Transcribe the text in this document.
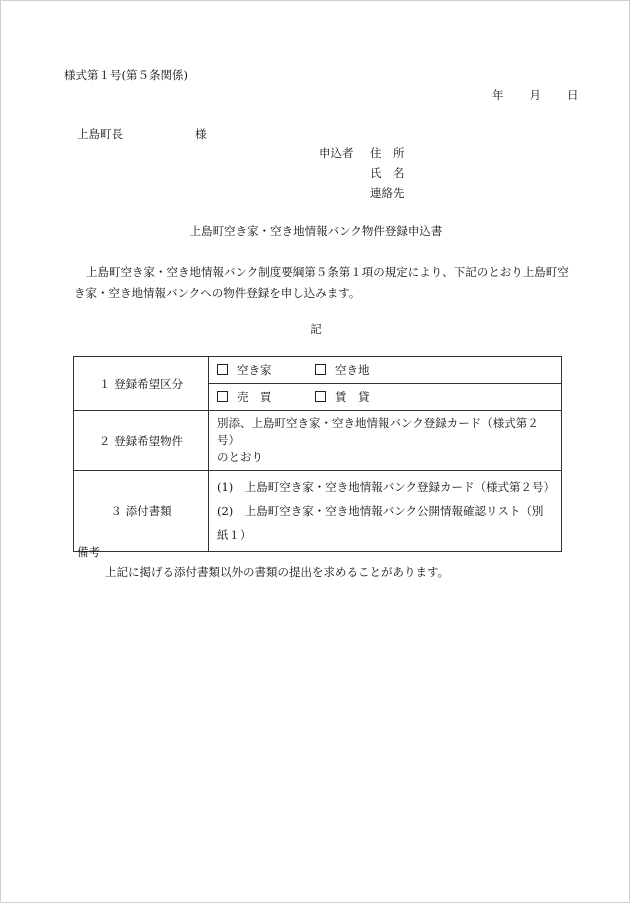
様式第１号(第５条関係)
年 月 日
上島町長	様
申込者 住　所
氏　名
連絡先
上島町空き家・空き地情報バンク物件登録申込書
上島町空き家・空き地情報バンク制度要綱第５条第１項の規定により、下記のとおり上島町空き家・空き地情報バンクへの物件登録を申し込みます。
記
１ 登録希望区分	空き家 空き地
売　買 賃　貸

２ 登録希望物件	別添、上島町空き家・空き地情報バンク登録カード（様式第２号）
のとおり

３ 添付書類	(1)　上島町空き家・空き地情報バンク登録カード（様式第２号）
(2)　上島町空き家・空き地情報バンク公開情報確認リスト（別紙１）
備考
上記に掲げる添付書類以外の書類の提出を求めることがあります。
